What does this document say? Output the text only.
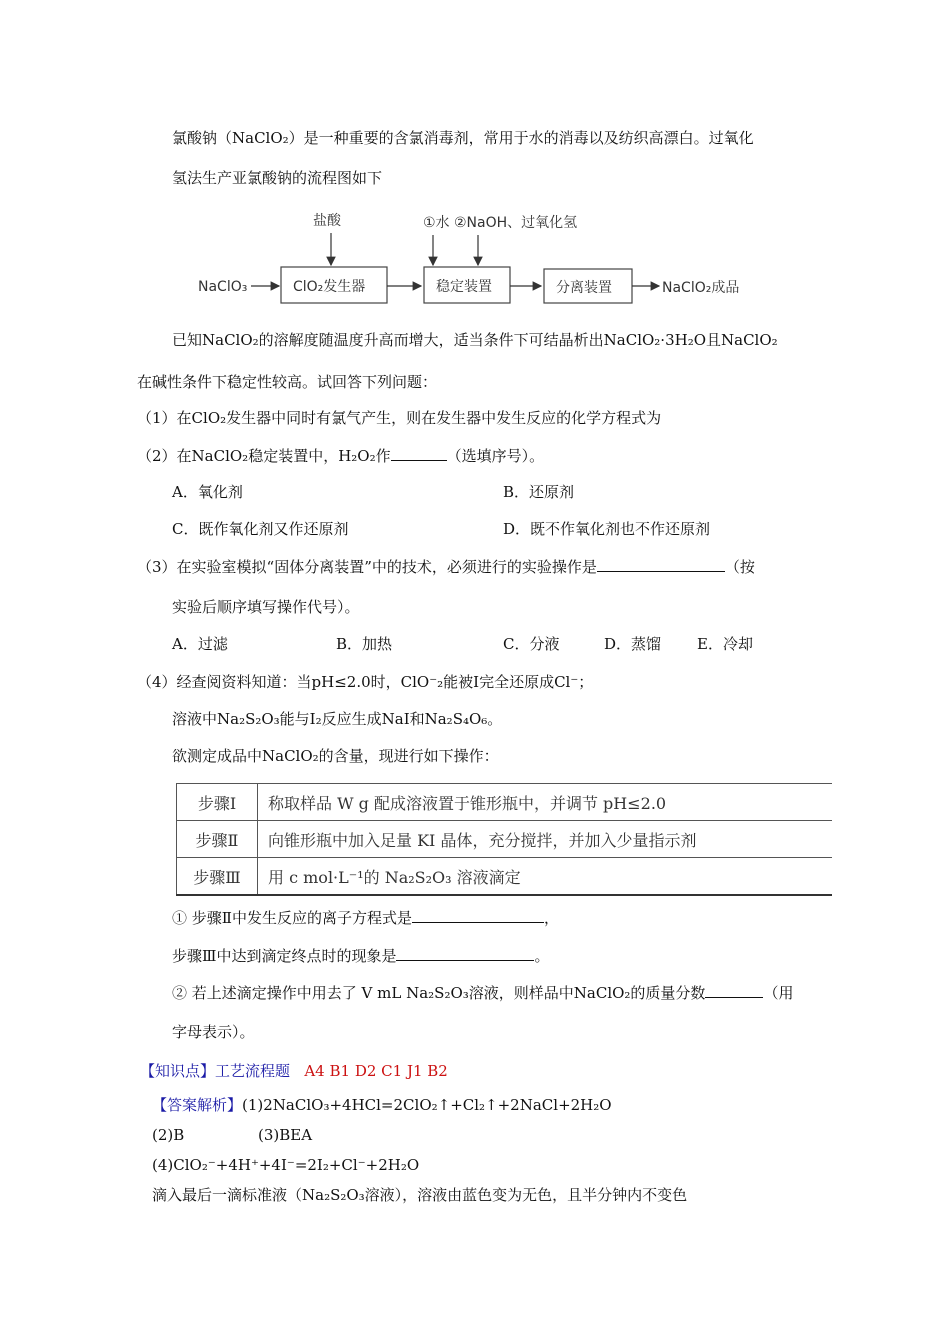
氯酸钠（NaClO₂）是一种重要的含氯消毒剂，常用于水的消毒以及纺织高漂白。过氧化
氢法生产亚氯酸钠的流程图如下
NaClO₃	ClO₂发生器
盐酸
稳定装置
①水 ②NaOH、过氧化氢
分离装置	NaClO₂成品
已知NaClO₂的溶解度随温度升高而增大，适当条件下可结晶析出NaClO₂·3H₂O且NaClO₂
在碱性条件下稳定性较高。试回答下列问题：
（1）在ClO₂发生器中同时有氯气产生，则在发生器中发生反应的化学方程式为
（2）在NaClO₂稳定装置中，H₂O₂作	（选填序号）。
A．氧化剂	B．还原剂
C．既作氧化剂又作还原剂	D．既不作氧化剂也不作还原剂
（3）在实验室模拟“固体分离装置”中的技术，必须进行的实验操作是	（按
实验后顺序填写操作代号）。
A．过滤	B．加热	C．分液	D．蒸馏 E．冷却
（4）经查阅资料知道：当pH≤2.0时，ClO⁻₂能被I完全还原成Cl⁻；
溶液中Na₂S₂O₃能与I₂反应生成NaI和Na₂S₄O₆。
欲测定成品中NaClO₂的含量，现进行如下操作：
步骤Ⅰ	称取样品 W g 配成溶液置于锥形瓶中，并调节 pH≤2.0
步骤Ⅱ	向锥形瓶中加入足量 KI 晶体，充分搅拌，并加入少量指示剂
步骤Ⅲ	用 c mol·L⁻¹的 Na₂S₂O₃ 溶液滴定
① 步骤Ⅱ中发生反应的离子方程式是	，
步骤Ⅲ中达到滴定终点时的现象是	。
② 若上述滴定操作中用去了 V mL Na₂S₂O₃溶液，则样品中NaClO₂的质量分数	（用
字母表示）。
【知识点】工艺流程题 A4 B1 D2 C1 J1 B2
【答案解析】(1)2NaClO₃+4HCl=2ClO₂↑+Cl₂↑+2NaCl+2H₂O
(2)B	(3)BEA
(4)ClO₂⁻+4H⁺+4I⁻=2I₂+Cl⁻+2H₂O
滴入最后一滴标准液（Na₂S₂O₃溶液），溶液由蓝色变为无色，且半分钟内不变色
